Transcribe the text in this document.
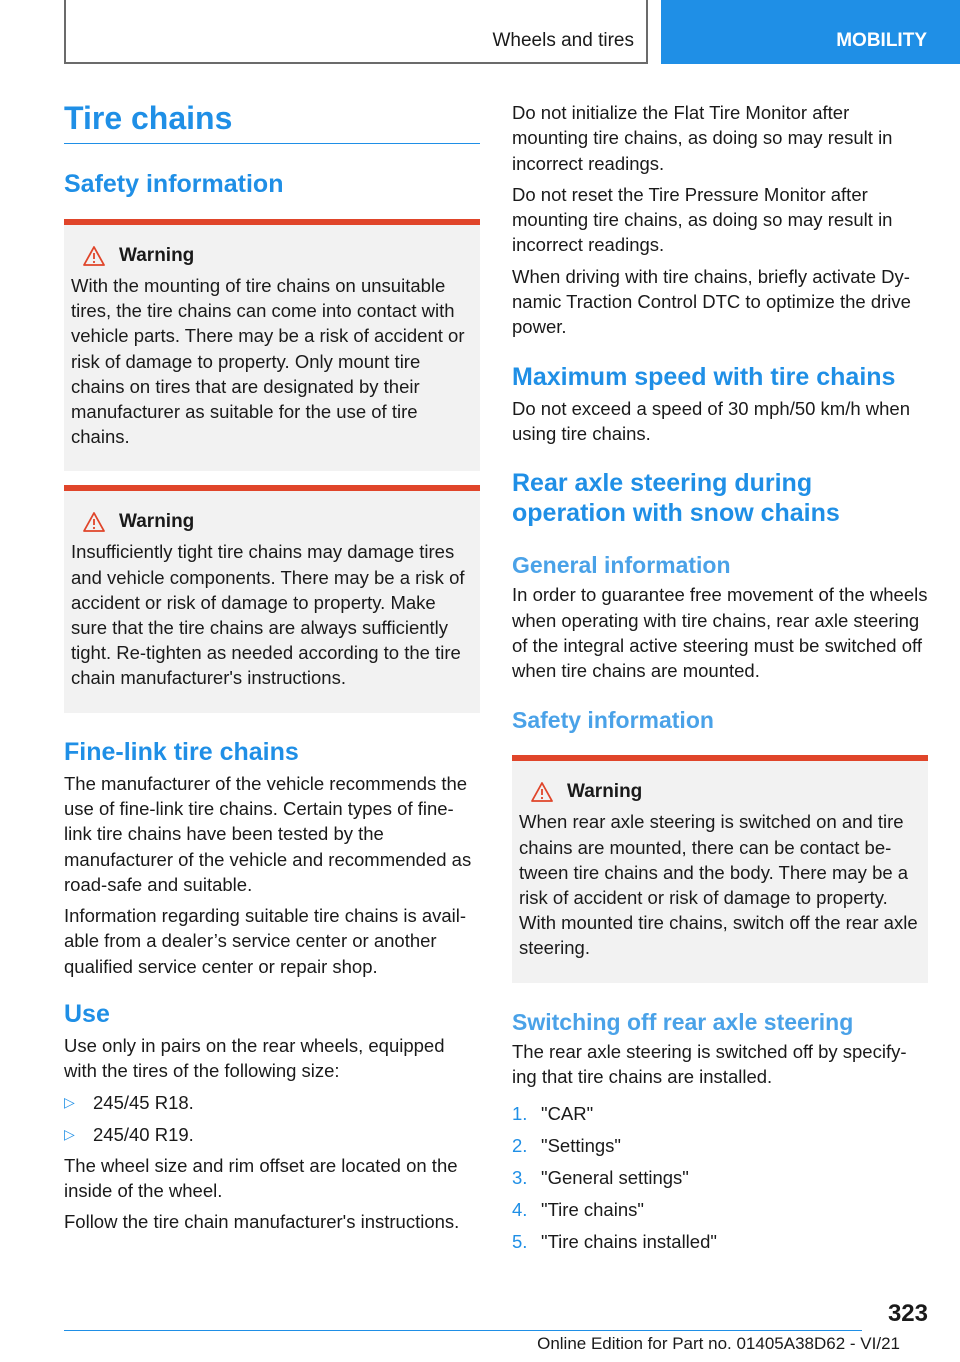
Wheels and tires	MOBILITY
Tire chains
Safety information
Warning

With the mounting of tire chains on unsuitable tires, the tire chains can come into contact with vehicle parts. There may be a risk of accident or risk of damage to property. Only mount tire chains on tires that are designated by their manufacturer as suitable for the use of tire chains.

Warning

Insufficiently tight tire chains may damage tires and vehicle components. There may be a risk of accident or risk of damage to property. Make sure that the tire chains are always sufficiently tight. Re-tighten as needed according to the tire chain manufacturer's instructions.

Fine-link tire chains

The manufacturer of the vehicle recommends the use of fine-link tire chains. Certain types of fine-link tire chains have been tested by the manufacturer of the vehicle and recommended as road-safe and suitable.

Information regarding suitable tire chains is avail‐able from a dealer’s service center or another qualified service center or repair shop.

Use

Use only in pairs on the rear wheels, equipped with the tires of the following size:

▷ 245/45 R18.
▷ 245/40 R19.

The wheel size and rim offset are located on the inside of the wheel.

Follow the tire chain manufacturer's instructions.

Do not initialize the Flat Tire Monitor after mounting tire chains, as doing so may result in incorrect readings.

Do not reset the Tire Pressure Monitor after mounting tire chains, as doing so may result in incorrect readings.

When driving with tire chains, briefly activate Dy‐namic Traction Control DTC to optimize the drive power.

Maximum speed with tire chains

Do not exceed a speed of 30 mph/50 km/h when using tire chains.

Rear axle steering during operation with snow chains
General information

In order to guarantee free movement of the wheels when operating with tire chains, rear axle steering of the integral active steering must be switched off when tire chains are mounted.

Safety information
Warning

When rear axle steering is switched on and tire chains are mounted, there can be contact be‐tween tire chains and the body. There may be a risk of accident or risk of damage to property. With mounted tire chains, switch off the rear axle steering.

Switching off rear axle steering

The rear axle steering is switched off by specify‐ing that tire chains are installed.

1. "CAR"
2. "Settings"
3. "General settings"
4. "Tire chains"
5. "Tire chains installed"
323
Online Edition for Part no. 01405A38D62 - VI/21
